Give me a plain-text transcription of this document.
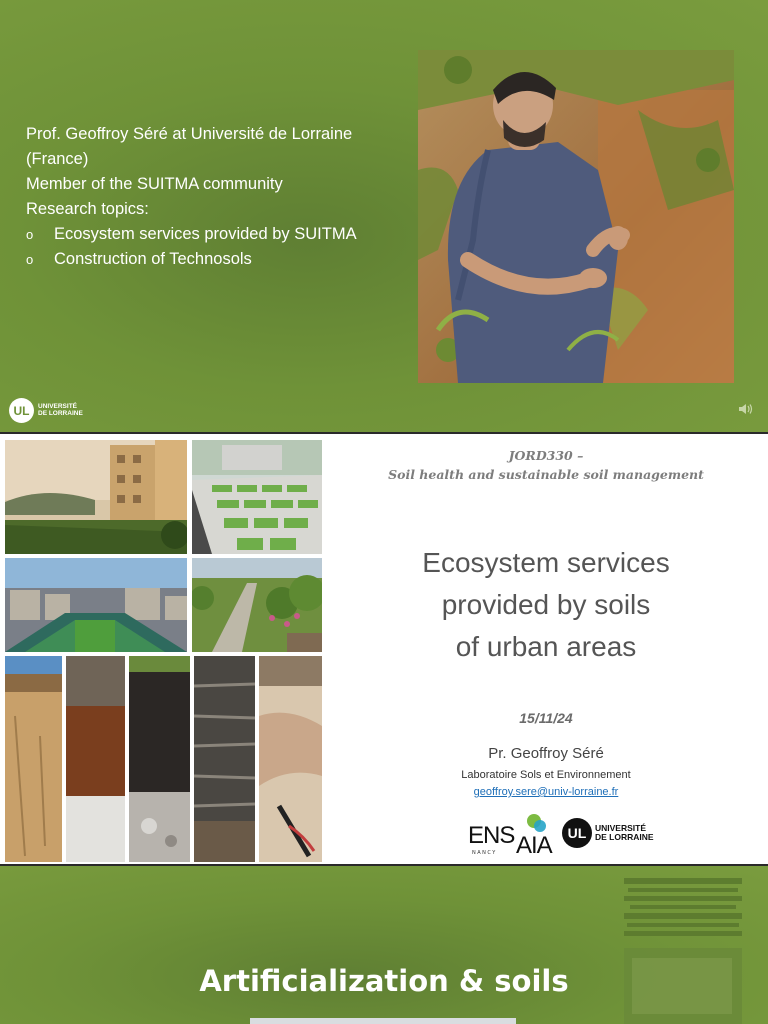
Prof. Geoffroy Séré at Université de Lorraine
(France)
Member of the SUITMA community
Research topics:
o	Ecosystem services provided by SUITMA
o	Construction of Technosols
UL	UNIVERSITÉ
DE LORRAINE
JORD330 –
Soil health and sustainable soil management
Ecosystem services
provided by soils
of urban areas
15/11/24
Pr. Geoffroy Séré
Laboratoire Sols et Environnement
geoffroy.sere@univ-lorraine.fr
ENS AIA
NANCY
UL	UNIVERSITÉ
DE LORRAINE
Artificialization & soils
